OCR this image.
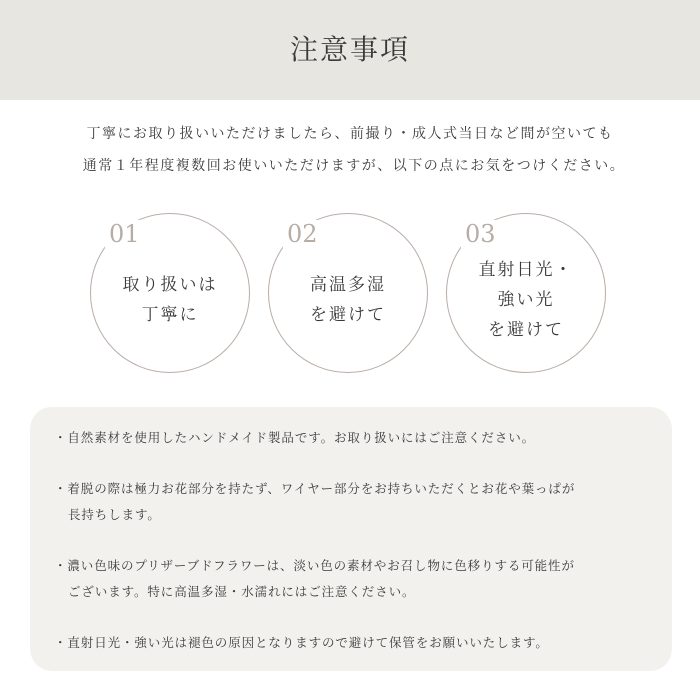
注意事項
丁寧にお取り扱いいただけましたら、前撮り・成人式当日など間が空いても
通常１年程度複数回お使いいただけますが、以下の点にお気をつけください。
01
取り扱いは
丁寧に
02
高温多湿
を避けて
03
直射日光・
強い光
を避けて
・自然素材を使用したハンドメイド製品です。お取り扱いにはご注意ください。
・着脱の際は極力お花部分を持たず、ワイヤー部分をお持ちいただくとお花や葉っぱが
長持ちします。
・濃い色味のプリザーブドフラワーは、淡い色の素材やお召し物に色移りする可能性が
ございます。特に高温多湿・水濡れにはご注意ください。
・直射日光・強い光は褪色の原因となりますので避けて保管をお願いいたします。
